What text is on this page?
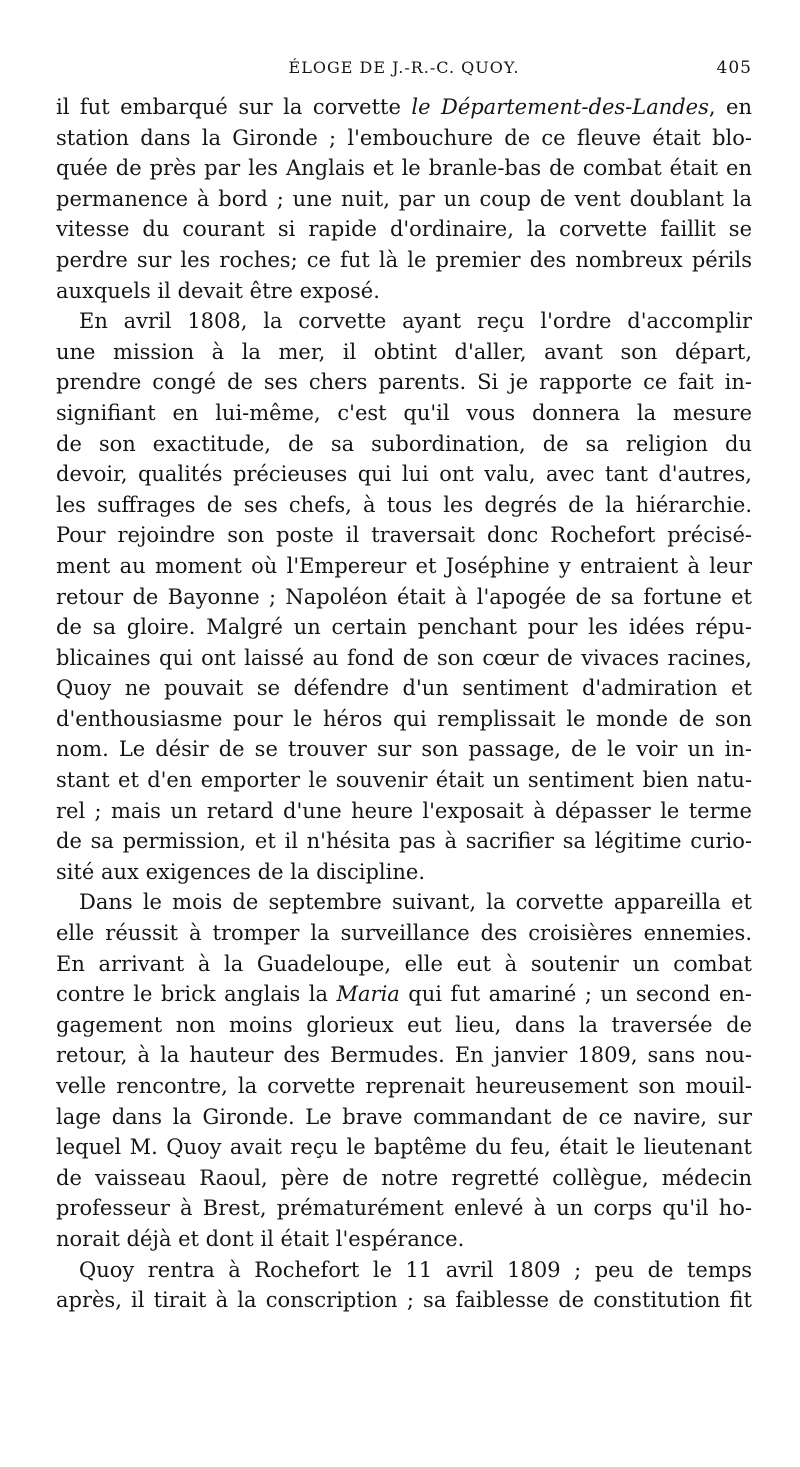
ÉLOGE DE J.-R.-C. QUOY.	405
il fut embarqué sur la corvette le Département-des-Landes, en
station dans la Gironde ; l'embouchure de ce fleuve était blo-
quée de près par les Anglais et le branle-bas de combat était en
permanence à bord ; une nuit, par un coup de vent doublant la
vitesse du courant si rapide d'ordinaire, la corvette faillit se
perdre sur les roches; ce fut là le premier des nombreux périls
auxquels il devait être exposé.
En avril 1808, la corvette ayant reçu l'ordre d'accomplir
une mission à la mer, il obtint d'aller, avant son départ,
prendre congé de ses chers parents. Si je rapporte ce fait in-
signifiant en lui-même, c'est qu'il vous donnera la mesure
de son exactitude, de sa subordination, de sa religion du
devoir, qualités précieuses qui lui ont valu, avec tant d'autres,
les suffrages de ses chefs, à tous les degrés de la hiérarchie.
Pour rejoindre son poste il traversait donc Rochefort précisé-
ment au moment où l'Empereur et Joséphine y entraient à leur
retour de Bayonne ; Napoléon était à l'apogée de sa fortune et
de sa gloire. Malgré un certain penchant pour les idées répu-
blicaines qui ont laissé au fond de son cœur de vivaces racines,
Quoy ne pouvait se défendre d'un sentiment d'admiration et
d'enthousiasme pour le héros qui remplissait le monde de son
nom. Le désir de se trouver sur son passage, de le voir un in-
stant et d'en emporter le souvenir était un sentiment bien natu-
rel ; mais un retard d'une heure l'exposait à dépasser le terme
de sa permission, et il n'hésita pas à sacrifier sa légitime curio-
sité aux exigences de la discipline.
Dans le mois de septembre suivant, la corvette appareilla et
elle réussit à tromper la surveillance des croisières ennemies.
En arrivant à la Guadeloupe, elle eut à soutenir un combat
contre le brick anglais la Maria qui fut amariné ; un second en-
gagement non moins glorieux eut lieu, dans la traversée de
retour, à la hauteur des Bermudes. En janvier 1809, sans nou-
velle rencontre, la corvette reprenait heureusement son mouil-
lage dans la Gironde. Le brave commandant de ce navire, sur
lequel M. Quoy avait reçu le baptême du feu, était le lieutenant
de vaisseau Raoul, père de notre regretté collègue, médecin
professeur à Brest, prématurément enlevé à un corps qu'il ho-
norait déjà et dont il était l'espérance.
Quoy rentra à Rochefort le 11 avril 1809 ; peu de temps
après, il tirait à la conscription ; sa faiblesse de constitution fit
